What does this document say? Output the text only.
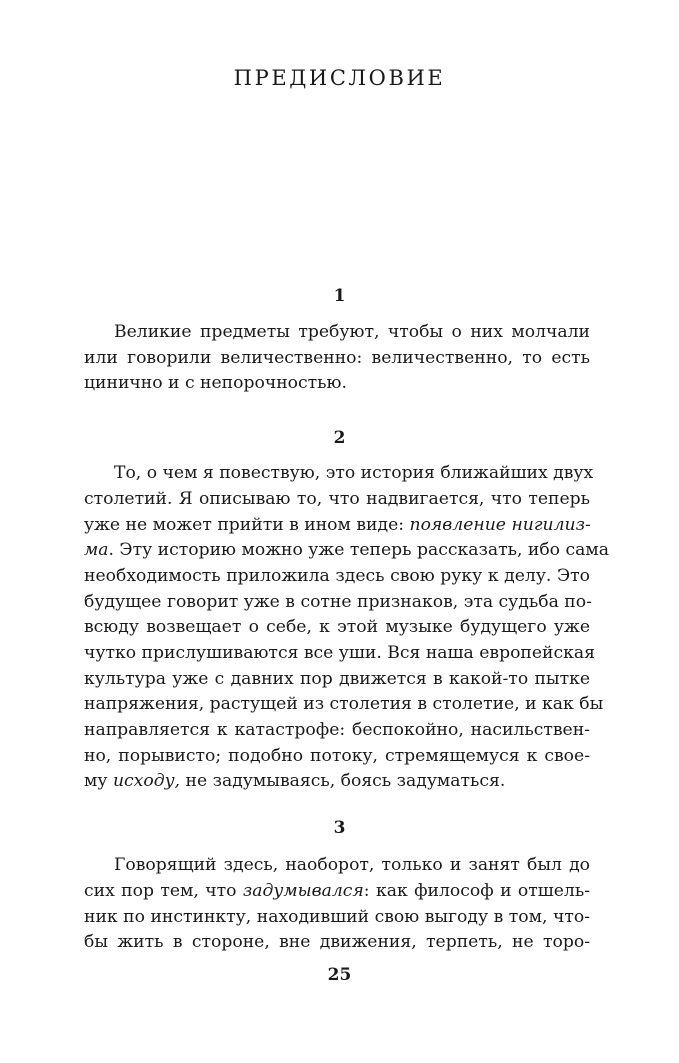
ПРЕДИСЛОВИЕ
1
Великие предметы требуют, чтобы о них молчали
или говорили величественно: величественно, то есть
цинично и с непорочностью.
2
То, о чем я повествую, это история ближайших двух
столетий. Я описываю то, что надвигается, что теперь
уже не может прийти в ином виде: появление нигилиз-
ма. Эту историю можно уже теперь рассказать, ибо сама
необходимость приложила здесь свою руку к делу. Это
будущее говорит уже в сотне признаков, эта судьба по-
всюду возвещает о себе, к этой музыке будущего уже
чутко прислушиваются все уши. Вся наша европейская
культура уже с давних пор движется в какой-то пытке
напряжения, растущей из столетия в столетие, и как бы
направляется к катастрофе: беспокойно, насильствен-
но, порывисто; подобно потоку, стремящемуся к свое-
му исходу, не задумываясь, боясь задуматься.
3
Говорящий здесь, наоборот, только и занят был до
сих пор тем, что задумывался: как философ и отшель-
ник по инстинкту, находивший свою выгоду в том, что-
бы жить в стороне, вне движения, терпеть, не торо-
25
